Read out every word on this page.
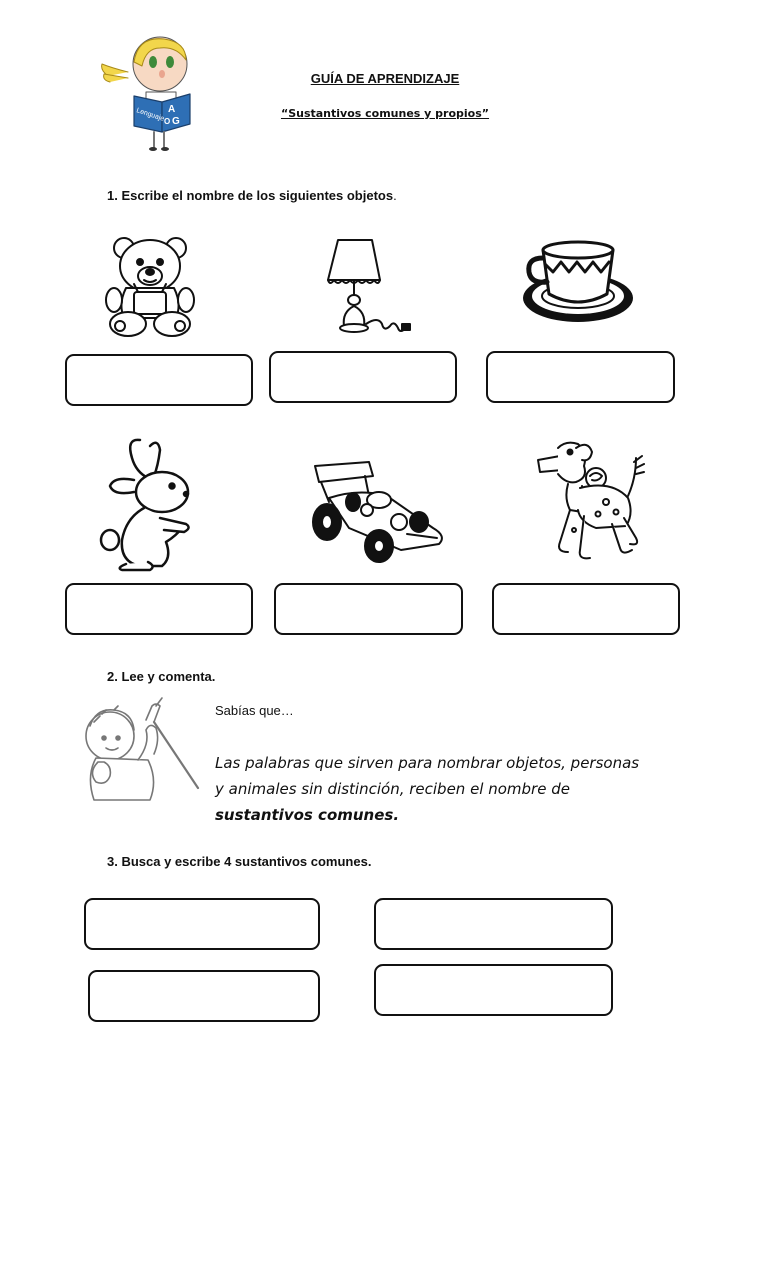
Lenguaje A
G
O
GUÍA DE APRENDIZAJE
“Sustantivos comunes y propios”
1. Escribe el nombre de los siguientes objetos.
2. Lee y comenta.
Sabías que…
Las palabras que sirven para nombrar objetos, personas y animales sin distinción, reciben el nombre de sustantivos comunes.
3. Busca y escribe 4 sustantivos comunes.
